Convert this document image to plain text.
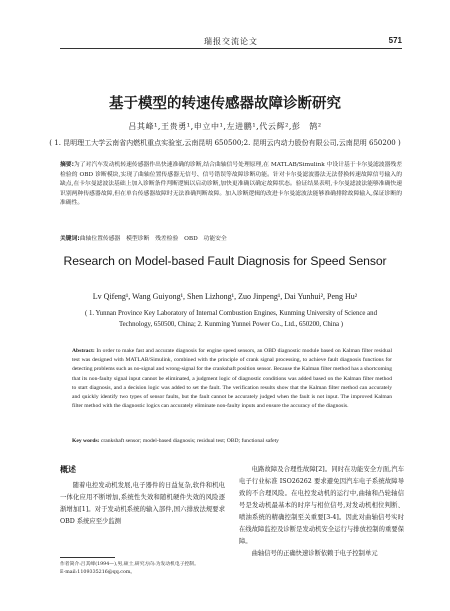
瑞报交流论文	571
基于模型的转速传感器故障诊断研究
吕其峰¹,王贵勇¹,申立中¹,左进鹏¹,代云辉²,彭　鹄²
( 1. 昆明理工大学云南省内燃机重点实验室,云南昆明 650500;2. 昆明云内动力股份有限公司,云南昆明 650200 )
摘要:为了对汽车发动机转速传感器作出快速准确的诊断,结合曲轴信号处理原理,在 MATLAB/Simulink 中设计基于卡尔曼滤波器残差检验的 OBD 诊断模块,实现了曲轴位置传感器无信号、信号错误等故障诊断功能。针对卡尔曼滤波器法无法替换转速故障信号输入的缺点,在卡尔曼滤波法基础上加入诊断条件判断逻辑以启动诊断,加快更准确以确定故障状态。验证结果表明,卡尔曼滤波法能够准确快速识别两种传感器故障,但在单台传感器故障时无法准确判断故障。加入诊断逻辑的改进卡尔曼滤波法能够准确排除故障输入,保证诊断的准确性。
关键词:曲轴位置传感器　模型诊断　残差检验　OBD　功能安全
Research on Model-based Fault Diagnosis for Speed Sensor
Lv Qifeng¹, Wang Guiyong¹, Shen Lizhong¹, Zuo Jinpeng¹, Dai Yunhui², Peng Hu²
( 1. Yunnan Province Key Laboratory of Internal Combustion Engines, Kunming University of Science and Technology, 650500, China; 2. Kunming Yunnei Power Co., Ltd., 650200, China )
Abstract: In order to make fast and accurate diagnosis for engine speed sensors, an OBD diagnostic module based on Kalman filter residual test was designed with MATLAB/Simulink, combined with the principle of crank signal processing, to achieve fault diagnosis functions for detecting problems such as no-signal and wrong-signal for the crankshaft position sensor. Because the Kalman filter method has a shortcoming that its non-faulty signal input cannot be eliminated, a judgment logic of diagnostic conditions was added based on the Kalman filter method to start diagnosis, and a decision logic was added to set the fault. The verification results show that the Kalman filter method can accurately and quickly identify two types of sensor faults, but the fault cannot be accurately judged when the fault is not input. The improved Kalman filter method with the diagnostic logics can accurately eliminate non-faulty inputs and ensure the accuracy of the diagnosis.
Key words: crankshaft sensor; model-based diagnosis; residual test; OBD; functional safety
概述

随着电控发动机发展,电子器件的日益复杂,软件和机电一体化应用不断增加,系统性失效和随机硬件失效的风险逐渐增加[1]。对于发动机系统的输入部件,国六排放法规要求 OBD 系统应至少监测

电路故障及合理性故障[2]。同时在功能安全方面,汽车电子行业标准 ISO26262 要求避免因汽车电子系统故障导致的不合理风险。在电控发动机的运行中,曲轴和凸轮轴信号是发动机最基本的时序与相位信号,对发动机相位判断、喷油系统的精确控制至关重要[3-4]。因此对曲轴信号实时在线故障监控及诊断是发动机安全运行与排放控制的重要保障。

曲轴信号的正确快速诊断依赖于电子控制单元

作者简介:吕其峰(1994—),男,硕士,研究方向:为发动机电子控制。
E-mail:1109335216@qq.com。
